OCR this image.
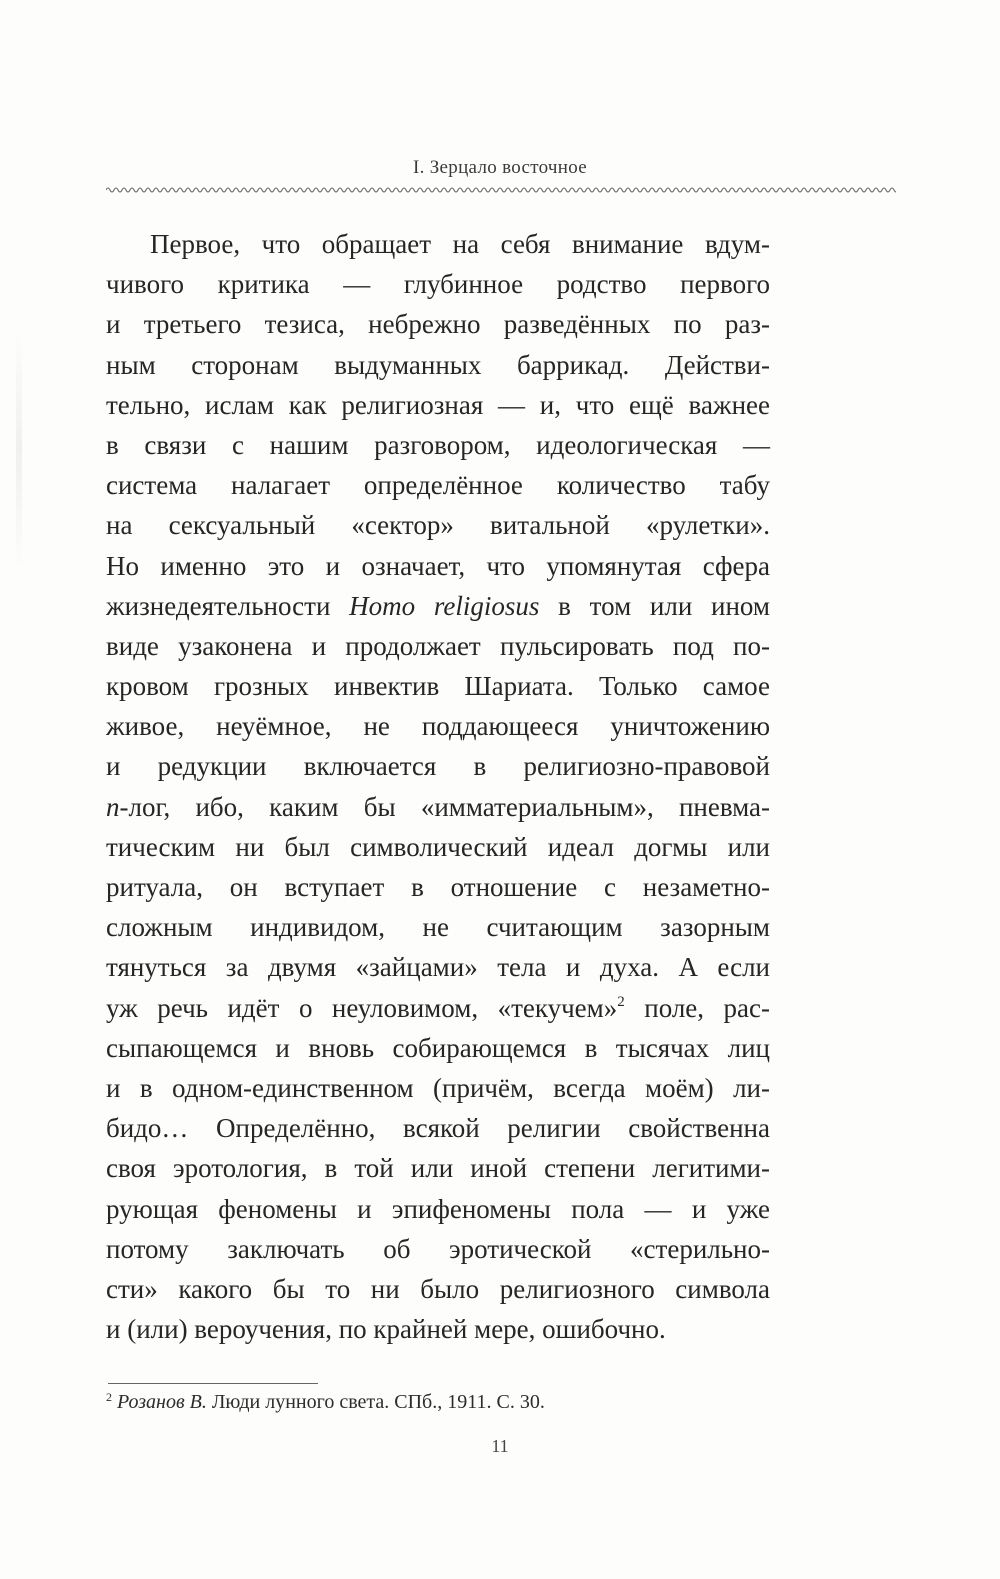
I. Зерцало восточное
Первое, что обращает на себя внимание вдум-
чивого критика — глубинное родство первого
и третьего тезиса, небрежно разведённых по раз-
ным сторонам выдуманных баррикад. Действи-
тельно, ислам как религиозная — и, что ещё важнее
в связи с нашим разговором, идеологическая —
система налагает определённое количество табу
на сексуальный «сектор» витальной «рулетки».
Но именно это и означает, что упомянутая сфера
жизнедеятельности Homo religiosus в том или ином
виде узаконена и продолжает пульсировать под по-
кровом грозных инвектив Шариата. Только самое
живое, неуёмное, не поддающееся уничтожению
и редукции включается в религиозно-правовой
n-лог, ибо, каким бы «имматериальным», пневма-
тическим ни был символический идеал догмы или
ритуала, он вступает в отношение с незаметно-
сложным индивидом, не считающим зазорным
тянуться за двумя «зайцами» тела и духа. А если
уж речь идёт о неуловимом, «текучем»$^2$ поле, рас-
сыпающемся и вновь собирающемся в тысячах лиц
и в одном-единственном (причём, всегда моём) ли-
бидо… Определённо, всякой религии свойственна
своя эротология, в той или иной степени легитими-
рующая феномены и эпифеномены пола — и уже
потому заключать об эротической «стерильно-
сти» какого бы то ни было религиозного символа
и (или) вероучения, по крайней мере, ошибочно.
$^2$ Розанов В. Люди лунного света. СПб., 1911. С. 30.
11
